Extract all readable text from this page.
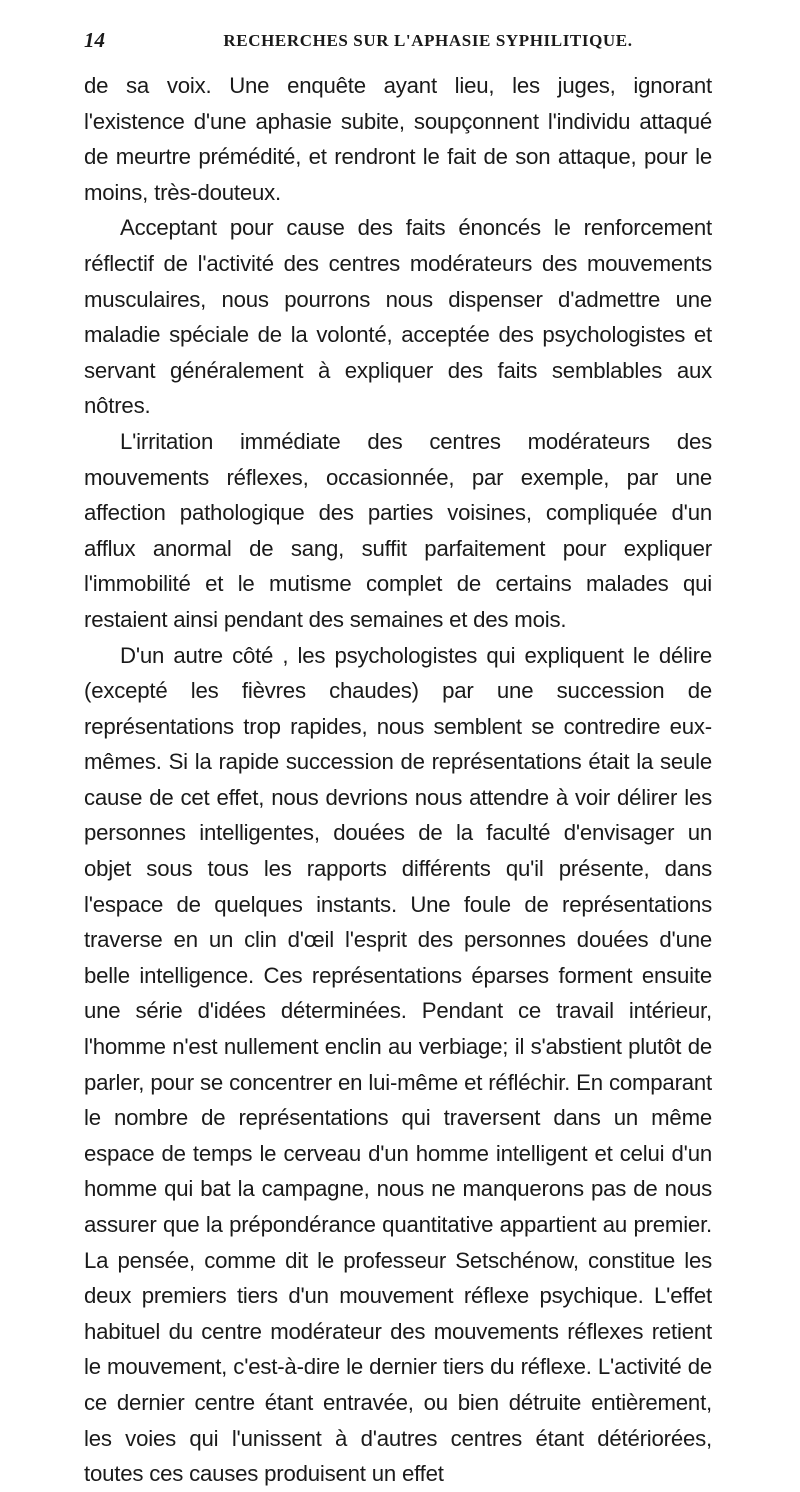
14	RECHERCHES SUR L'APHASIE SYPHILITIQUE.

de sa voix. Une enquête ayant lieu, les juges, ignorant l'existence d'une aphasie subite, soupçonnent l'individu attaqué de meurtre prémédité, et rendront le fait de son attaque, pour le moins, très-douteux.

Acceptant pour cause des faits énoncés le renforcement réflectif de l'activité des centres modérateurs des mouvements musculaires, nous pourrons nous dispenser d'admettre une maladie spéciale de la volonté, acceptée des psychologistes et servant généralement à expliquer des faits semblables aux nôtres.

L'irritation immédiate des centres modérateurs des mouvements réflexes, occasionnée, par exemple, par une affection pathologique des parties voisines, compliquée d'un afflux anormal de sang, suffit parfaitement pour expliquer l'immobilité et le mutisme complet de certains malades qui restaient ainsi pendant des semaines et des mois.

D'un autre côté , les psychologistes qui expliquent le délire (excepté les fièvres chaudes) par une succession de représentations trop rapides, nous semblent se contredire eux-mêmes. Si la rapide succession de représentations était la seule cause de cet effet, nous devrions nous attendre à voir délirer les personnes intelligentes, douées de la faculté d'envisager un objet sous tous les rapports différents qu'il présente, dans l'espace de quelques instants. Une foule de représentations traverse en un clin d'œil l'esprit des personnes douées d'une belle intelligence. Ces représentations éparses forment ensuite une série d'idées déterminées. Pendant ce travail intérieur, l'homme n'est nullement enclin au verbiage; il s'abstient plutôt de parler, pour se concentrer en lui-même et réfléchir. En comparant le nombre de représentations qui traversent dans un même espace de temps le cerveau d'un homme intelligent et celui d'un homme qui bat la campagne, nous ne manquerons pas de nous assurer que la prépondérance quantitative appartient au premier. La pensée, comme dit le professeur Setschénow, constitue les deux premiers tiers d'un mouvement réflexe psychique. L'effet habituel du centre modérateur des mouvements réflexes retient le mouvement, c'est-à-dire le dernier tiers du réflexe. L'activité de ce dernier centre étant entravée, ou bien détruite entièrement, les voies qui l'unissent à d'autres centres étant détériorées, toutes ces causes produisent un effet
